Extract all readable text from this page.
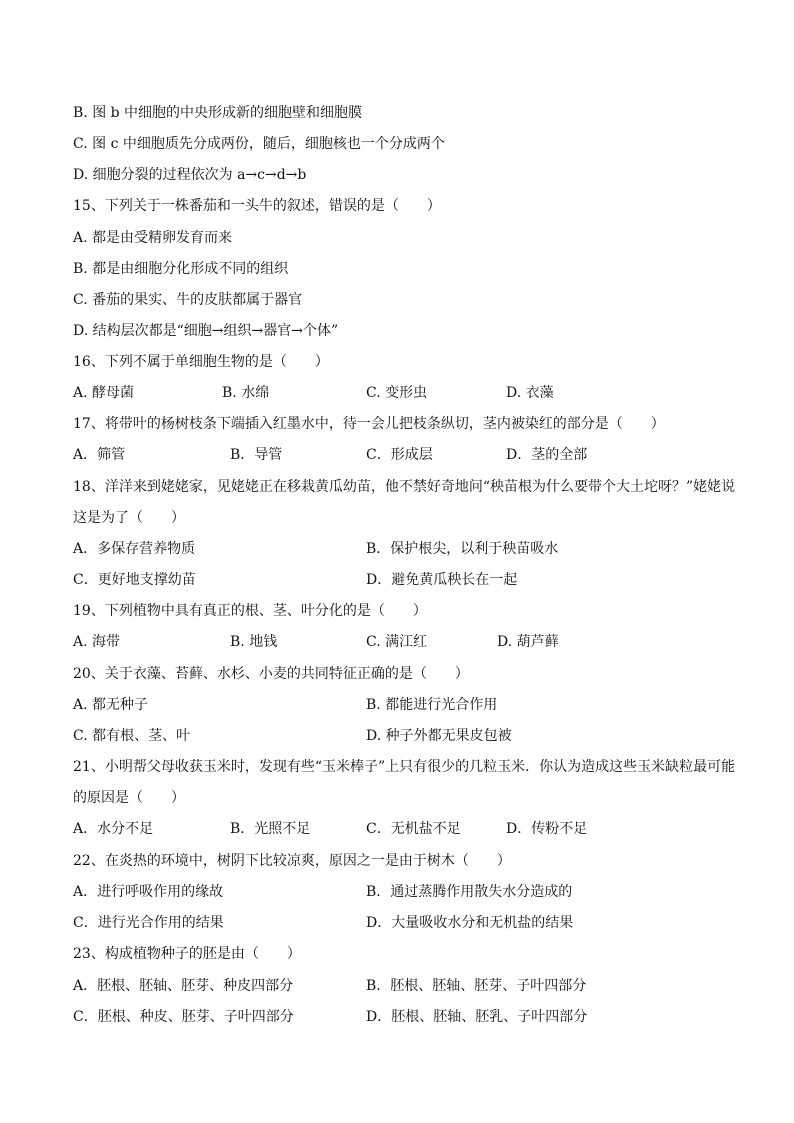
B. 图 b 中细胞的中央形成新的细胞壁和细胞膜
C. 图 c 中细胞质先分成两份，随后，细胞核也一个分成两个
D. 细胞分裂的过程依次为 a→c→d→b
15、下列关于一株番茄和一头牛的叙述，错误的是（　　）
A. 都是由受精卵发育而来
B. 都是由细胞分化形成不同的组织
C. 番茄的果实、牛的皮肤都属于器官
D. 结构层次都是“细胞→组织→器官→个体”
16、下列不属于单细胞生物的是（　　）
A. 酵母菌	B. 水绵	C. 变形虫	D. 衣藻
17、将带叶的杨树枝条下端插入红墨水中，待一会儿把枝条纵切，茎内被染红的部分是（　　）
A．筛管	B．导管	C．形成层	D．茎的全部
18、洋洋来到姥姥家，见姥姥正在移栽黄瓜幼苗，他不禁好奇地问“秧苗根为什么要带个大土坨呀？”姥姥说
这是为了（　　）
A．多保存营养物质	B．保护根尖，以利于秧苗吸水
C．更好地支撑幼苗	D．避免黄瓜秧长在一起
19、下列植物中具有真正的根、茎、叶分化的是（　　）
A. 海带	B. 地钱	C. 满江红	D. 葫芦藓
20、关于衣藻、苔藓、水杉、小麦的共同特征正确的是（　　）
A. 都无种子	B. 都能进行光合作用
C. 都有根、茎、叶	D. 种子外都无果皮包被
21、小明帮父母收获玉米时，发现有些“玉米棒子”上只有很少的几粒玉米．你认为造成这些玉米缺粒最可能
的原因是（　　）
A．水分不足	B．光照不足	C．无机盐不足	D．传粉不足
22、在炎热的环境中，树阴下比较凉爽，原因之一是由于树木（　　）
A．进行呼吸作用的缘故	B．通过蒸腾作用散失水分造成的
C．进行光合作用的结果	D．大量吸收水分和无机盐的结果
23、构成植物种子的胚是由（　　）
A．胚根、胚轴、胚芽、种皮四部分	B．胚根、胚轴、胚芽、子叶四部分
C．胚根、种皮、胚芽、子叶四部分	D．胚根、胚轴、胚乳、子叶四部分
